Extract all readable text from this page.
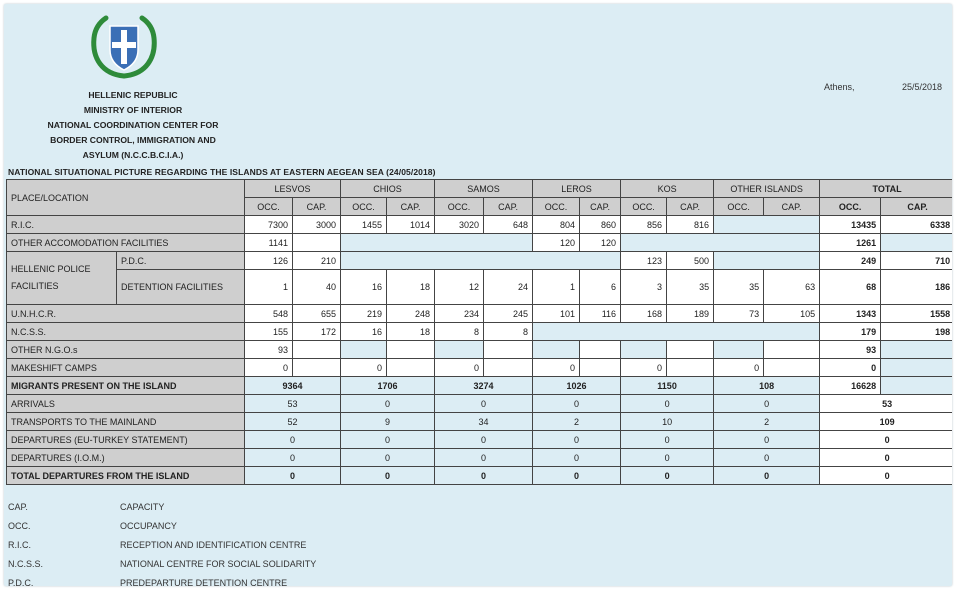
HELLENIC REPUBLIC
MINISTRY OF INTERIOR
NATIONAL COORDINATION CENTER FOR
BORDER CONTROL, IMMIGRATION AND
ASYLUM (N.C.C.B.C.I.A.)
Athens,	25/5/2018
NATIONAL SITUATIONAL PICTURE REGARDING THE ISLANDS AT EASTERN AEGEAN SEA (24/05/2018)
PLACE/LOCATION		LESVOS		CHIOS		SAMOS		LEROS		KOS		OTHER ISLANDS		TOTAL	
		OCC.	CAP.	OCC.	CAP.	OCC.	CAP.	OCC.	CAP.	OCC.	CAP.	OCC.	CAP.	OCC.	CAP.
R.I.C.		7300	3000	1455	1014	3020	648	804	860	856	816			13435	6338
OTHER ACCOMODATION FACILITIES		1141						120	120					1261	
HELLENIC POLICE FACILITIES	P.D.C.	126	210							123	500			249	710
	DETENTION FACILITIES	1	40	16	18	12	24	1	6	3	35	35	63	68	186
U.N.H.C.R.		548	655	219	248	234	245	101	116	168	189	73	105	1343	1558
N.C.S.S.		155	172	16	18	8	8							179	198
OTHER N.G.O.s		93												93	
MAKESHIFT CAMPS		0		0		0		0		0		0		0	
MIGRANTS PRESENT ON THE ISLAND		9364		1706		3274		1026		1150		108		16628	
ARRIVALS		53		0		0		0		0		0		53	
TRANSPORTS TO THE MAINLAND		52		9		34		2		10		2		109	
DEPARTURES (EU-TURKEY STATEMENT)		0		0		0		0		0		0		0	
DEPARTURES (I.O.M.)		0		0		0		0		0		0		0	
TOTAL DEPARTURES FROM THE ISLAND		0		0		0		0		0		0		0	
CAP.	CAPACITY
OCC.	OCCUPANCY
R.I.C.	RECEPTION AND IDENTIFICATION CENTRE
N.C.S.S.	NATIONAL CENTRE FOR SOCIAL SOLIDARITY
P.D.C.	PREDEPARTURE DETENTION CENTRE
